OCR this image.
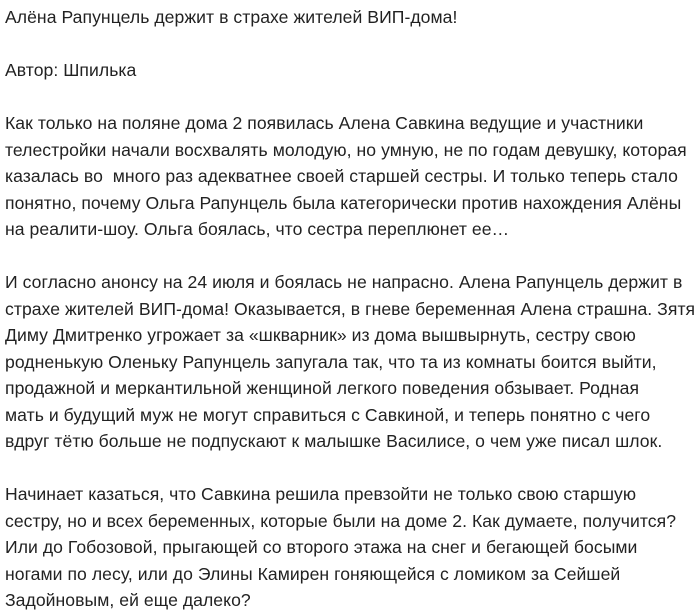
Алёна Рапунцель держит в страхе жителей ВИП-дома!

Автор: Шпилька

Как только на поляне дома 2 появилась Алена Савкина ведущие и участники
телестройки начали восхвалять молодую, но умную, не по годам девушку, которая
казалась во  много раз адекватнее своей старшей сестры. И только теперь стало
понятно, почему Ольга Рапунцель была категорически против нахождения Алёны
на реалити-шоу. Ольга боялась, что сестра переплюнет ее…

И согласно анонсу на 24 июля и боялась не напрасно. Алена Рапунцель держит в
страхе жителей ВИП-дома! Оказывается, в гневе беременная Алена страшна. Зятя
Диму Дмитренко угрожает за «шкварник» из дома вышвырнуть, сестру свою
родненькую Оленьку Рапунцель запугала так, что та из комнаты боится выйти,
продажной и меркантильной женщиной легкого поведения обзывает. Родная
мать и будущий муж не могут справиться с Савкиной, и теперь понятно с чего
вдруг тётю больше не подпускают к малышке Василисе, о чем уже писал шлок.

Начинает казаться, что Савкина решила превзойти не только свою старшую
сестру, но и всех беременных, которые были на доме 2. Как думаете, получится?
Или до Гобозовой, прыгающей со второго этажа на снег и бегающей босыми
ногами по лесу, или до Элины Камирен гоняющейся с ломиком за Сейшей
Задойновым, ей еще далеко?
